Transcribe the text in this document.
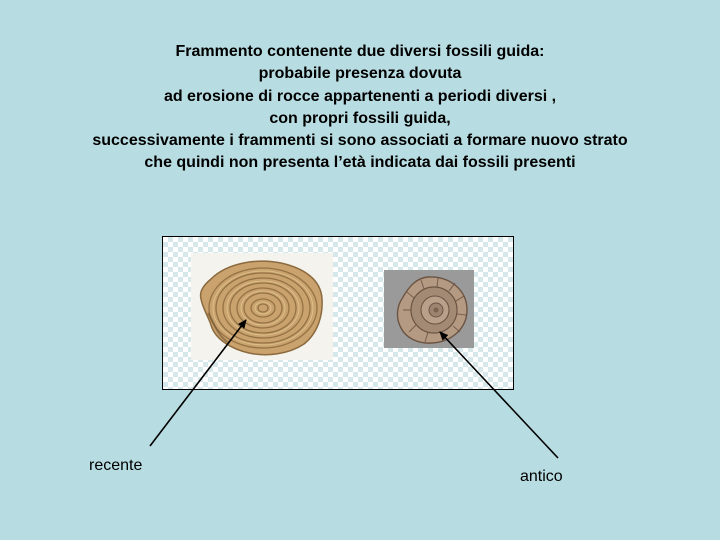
Frammento contenente due diversi fossili guida:
probabile presenza dovuta
ad erosione di rocce appartenenti a periodi diversi ,
con propri fossili guida,
successivamente i frammenti si sono associati a formare nuovo strato
che quindi non presenta l’età indicata dai fossili presenti
recente
antico
